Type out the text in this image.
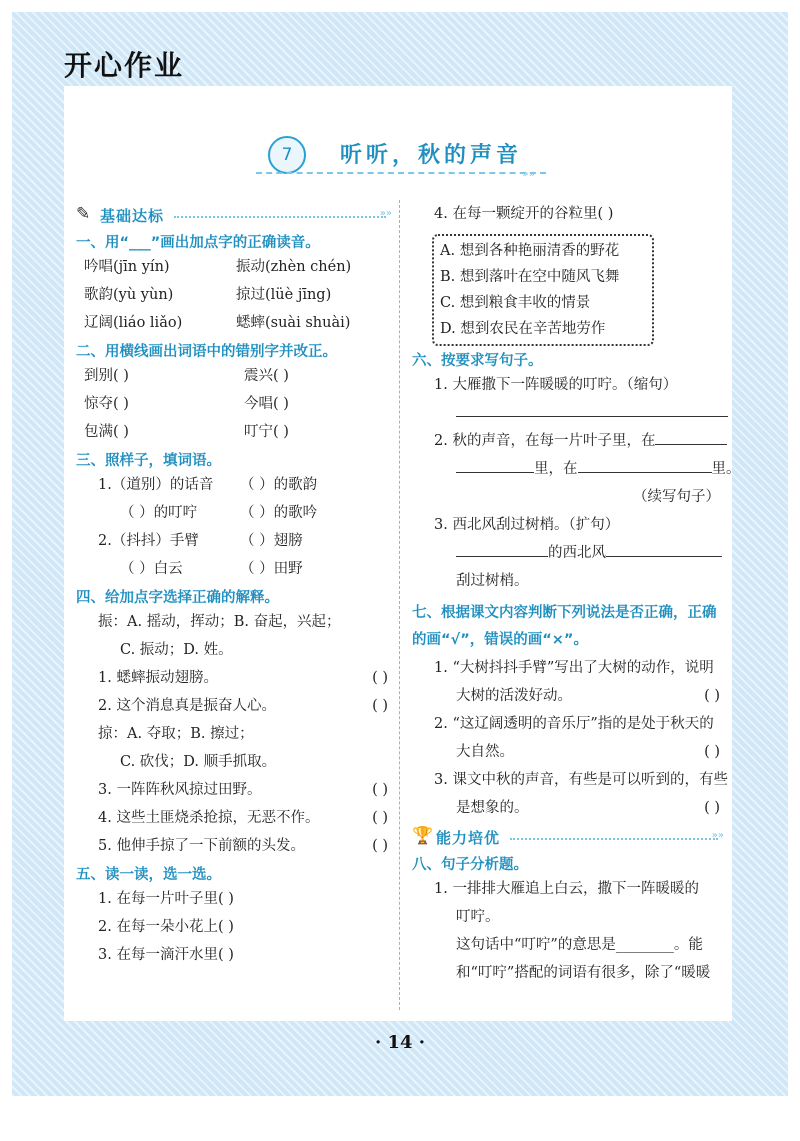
开心作业
7	听听，秋的声音
»»
✎ 基础达标	»»
一、用“___”画出加点字的正确读音。
吟唱(jīn yín)	振动(zhèn chén)
歌韵(yù yùn)	掠过(lüè jīng)
辽阔(liáo liǎo)	蟋蟀(suài shuài)
二、用横线画出词语中的错别字并改正。
到别( )	震兴( )
惊夺( )	今唱( )
包满( )	叮宁( )
三、照样子，填词语。
1.（道别）的话音 （ ）的歌韵
（ ）的叮咛	（ ）的歌吟
2.（抖抖）手臂	（ ）翅膀
（ ）白云	（ ）田野
四、给加点字选择正确的解释。
振：A. 摇动，挥动；B. 奋起，兴起；
C. 振动；D. 姓。
1. 蟋蟀振动翅膀。	( )
2. 这个消息真是振奋人心。	( )
掠：A. 夺取；B. 擦过；
C. 砍伐；D. 顺手抓取。
3. 一阵阵秋风掠过田野。	( )
4. 这些土匪烧杀抢掠，无恶不作。	( )
5. 他伸手掠了一下前额的头发。	( )
五、读一读，选一选。
1. 在每一片叶子里( )
2. 在每一朵小花上( )
3. 在每一滴汗水里( )
4. 在每一颗绽开的谷粒里( )
A. 想到各种艳丽清香的野花
B. 想到落叶在空中随风飞舞
C. 想到粮食丰收的情景
D. 想到农民在辛苦地劳作
六、按要求写句子。
1. 大雁撒下一阵暖暖的叮咛。（缩句）
2. 秋的声音，在每一片叶子里，在
里，在	里。
（续写句子）

3. 西北风刮过树梢。（扩句）
的西北风
刮过树梢。
七、根据课文内容判断下列说法是否正确，正确的画“√”，错误的画“×”。
1. “大树抖抖手臂”写出了大树的动作，说明
大树的活泼好动。	( )
2. “这辽阔透明的音乐厅”指的是处于秋天的
大自然。	( )
3. 课文中秋的声音，有些是可以听到的，有些
是想象的。	( )
🏆 能力培优	»»
八、句子分析题。
1. 一排排大雁追上白云，撒下一阵暖暖的
叮咛。
这句话中“叮咛”的意思是________。能
和“叮咛”搭配的词语有很多，除了“暖暖
· 14 ·
